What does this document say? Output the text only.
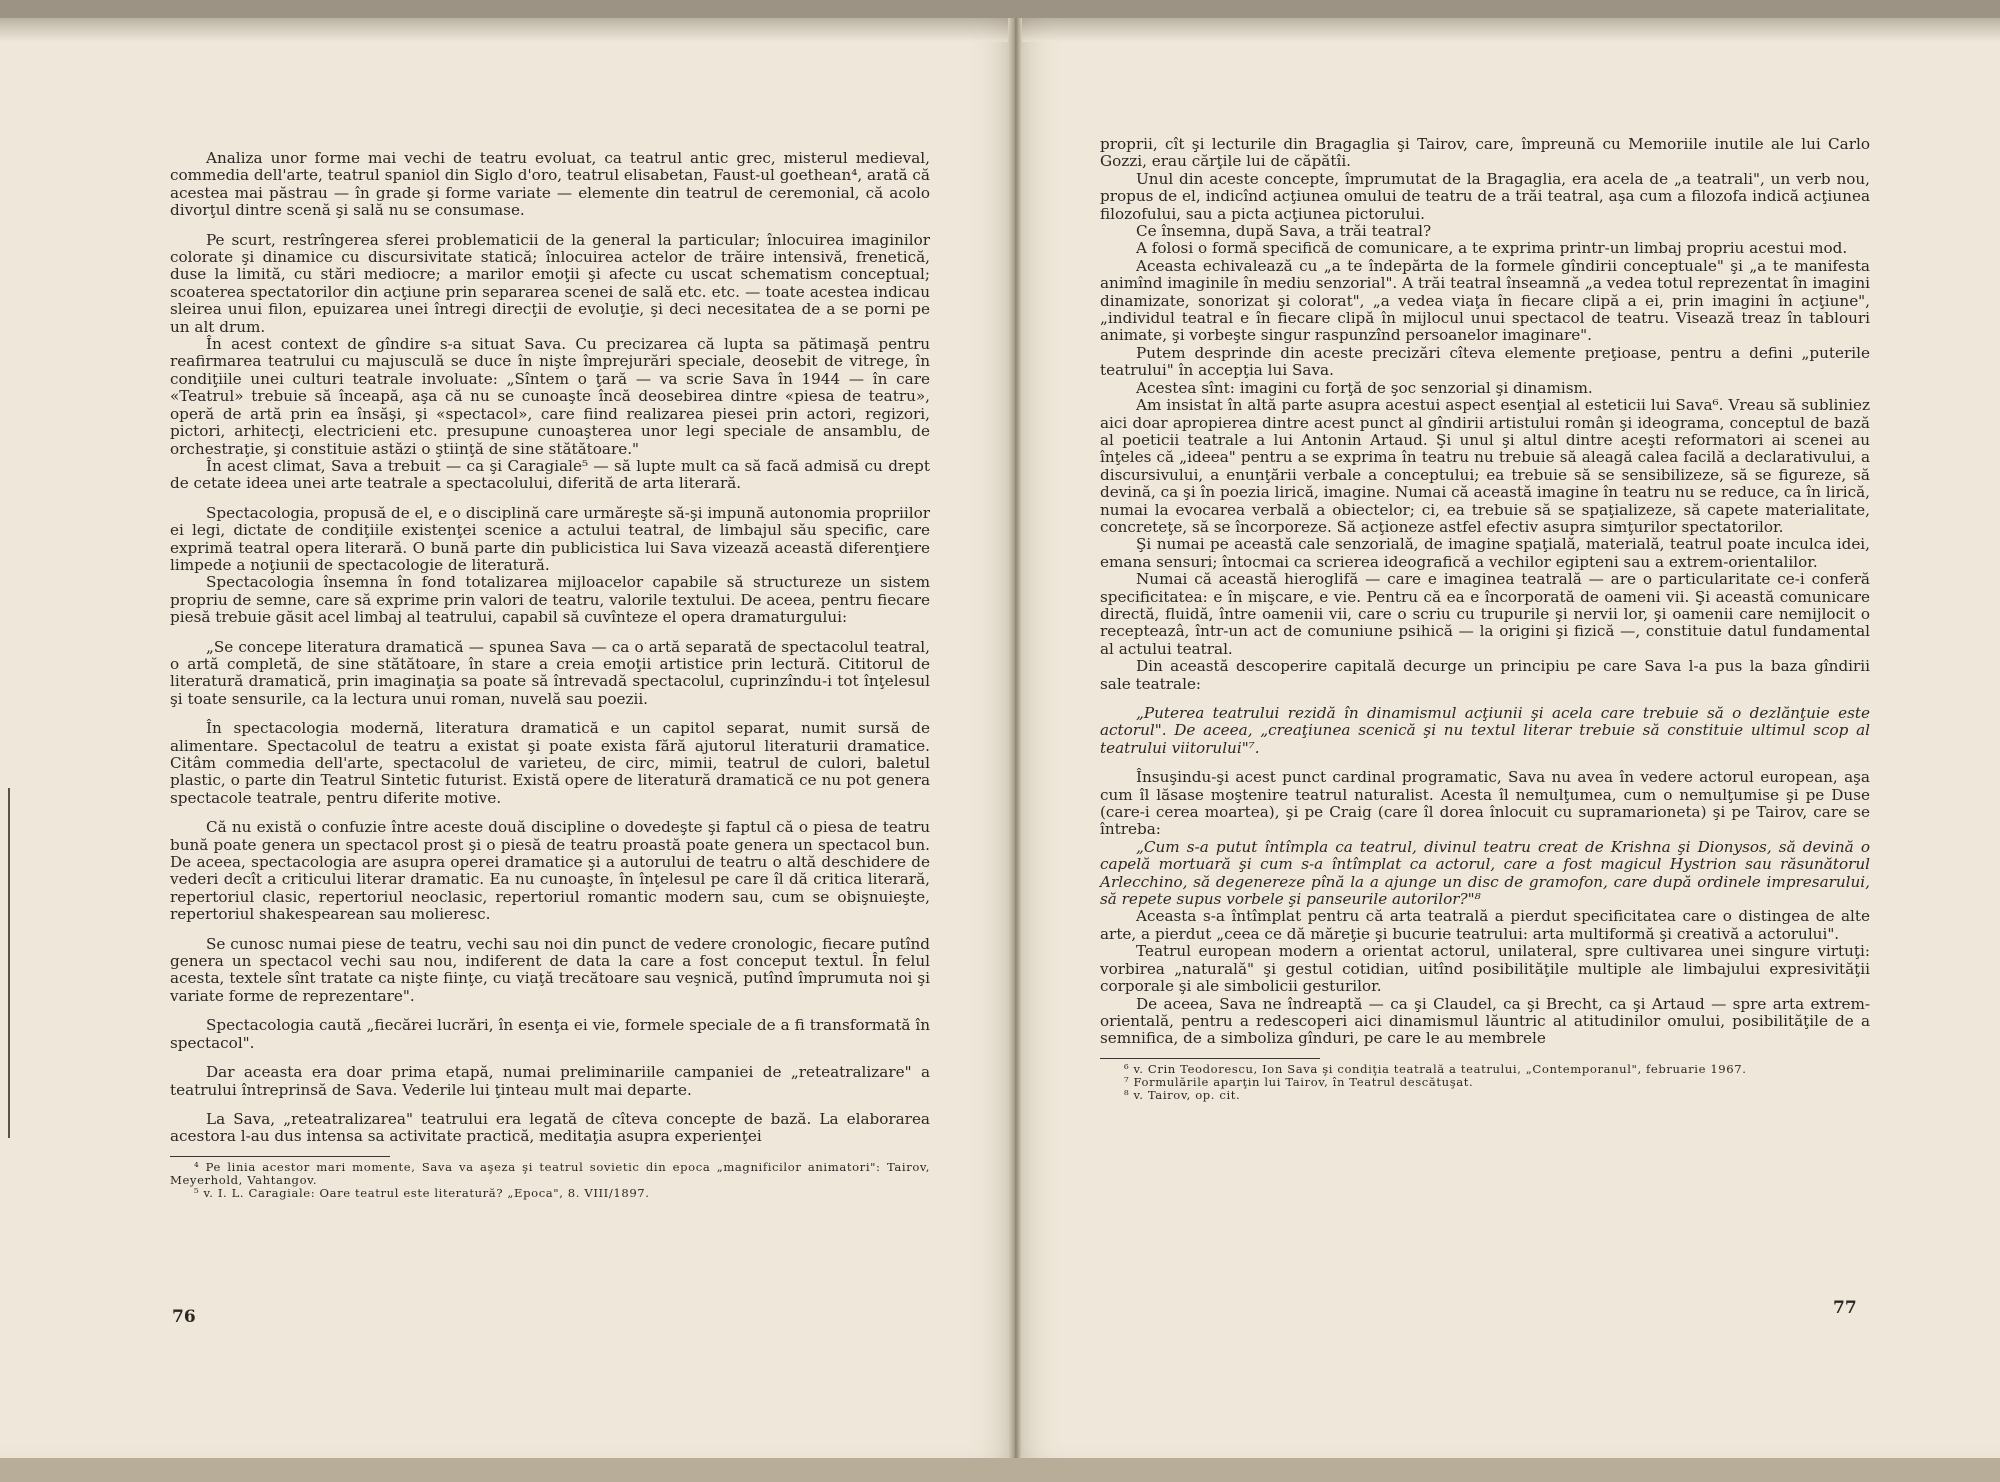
Analiza unor forme mai vechi de teatru evoluat, ca teatrul antic grec, misterul medieval, commedia dell'arte, teatrul spaniol din Siglo d'oro, teatrul elisabetan, Faust-ul goethean⁴, arată că acestea mai păstrau — în grade şi forme variate — elemente din teatrul de ceremonial, că acolo divorţul dintre scenă şi sală nu se consumase.

Pe scurt, restrîngerea sferei problematicii de la general la particular; înlocuirea imaginilor colorate şi dinamice cu discursivitate statică; înlocuirea actelor de trăire intensivă, frenetică, duse la limită, cu stări mediocre; a marilor emoţii şi afecte cu uscat schematism conceptual; scoaterea spectatorilor din acţiune prin separarea scenei de sală etc. etc. — toate acestea indicau sleirea unui filon, epuizarea unei întregi direcţii de evoluţie, şi deci necesitatea de a se porni pe un alt drum.

În acest context de gîndire s-a situat Sava. Cu precizarea că lupta sa pătimaşă pentru reafirmarea teatrului cu majusculă se duce în nişte împrejurări speciale, deosebit de vitrege, în condiţiile unei culturi teatrale involuate: „Sîntem o ţară — va scrie Sava în 1944 — în care «Teatrul» trebuie să înceapă, aşa că nu se cunoaşte încă deosebirea dintre «piesa de teatru», operă de artă prin ea însăşi, şi «spectacol», care fiind realizarea piesei prin actori, regizori, pictori, arhitecţi, electricieni etc. presupune cunoaşterea unor legi speciale de ansamblu, de orchestraţie, şi constituie astăzi o ştiinţă de sine stătătoare."

În acest climat, Sava a trebuit — ca şi Caragiale⁵ — să lupte mult ca să facă admisă cu drept de cetate ideea unei arte teatrale a spectacolului, diferită de arta literară.

Spectacologia, propusă de el, e o disciplină care urmăreşte să-şi impună autonomia propriilor ei legi, dictate de condiţiile existenţei scenice a actului teatral, de limbajul său specific, care exprimă teatral opera literară. O bună parte din publicistica lui Sava vizează această diferenţiere limpede a noţiunii de spectacologie de literatură.

Spectacologia însemna în fond totalizarea mijloacelor capabile să structureze un sistem propriu de semne, care să exprime prin valori de teatru, valorile textului. De aceea, pentru fiecare piesă trebuie găsit acel limbaj al teatrului, capabil să cuvînteze el opera dramaturgului:

„Se concepe literatura dramatică — spunea Sava — ca o artă separată de spectacolul teatral, o artă completă, de sine stătătoare, în stare a creia emoţii artistice prin lectură. Cititorul de literatură dramatică, prin imaginaţia sa poate să întrevadă spectacolul, cuprinzîndu-i tot înţelesul şi toate sensurile, ca la lectura unui roman, nuvelă sau poezii.

În spectacologia modernă, literatura dramatică e un capitol separat, numit sursă de alimentare. Spectacolul de teatru a existat şi poate exista fără ajutorul literaturii dramatice. Citâm commedia dell'arte, spectacolul de varieteu, de circ, mimii, teatrul de culori, baletul plastic, o parte din Teatrul Sintetic futurist. Există opere de literatură dramatică ce nu pot genera spectacole teatrale, pentru diferite motive.

Că nu există o confuzie între aceste două discipline o dovedeşte şi faptul că o piesa de teatru bună poate genera un spectacol prost şi o piesă de teatru proastă poate genera un spectacol bun. De aceea, spectacologia are asupra operei dramatice şi a autorului de teatru o altă deschidere de vederi decît a criticului literar dramatic. Ea nu cunoaşte, în înţelesul pe care îl dă critica literară, repertoriul clasic, repertoriul neoclasic, repertoriul romantic modern sau, cum se obişnuieşte, repertoriul shakespearean sau molieresc.

Se cunosc numai piese de teatru, vechi sau noi din punct de vedere cronologic, fiecare putînd genera un spectacol vechi sau nou, indiferent de data la care a fost conceput textul. În felul acesta, textele sînt tratate ca nişte fiinţe, cu viaţă trecătoare sau veşnică, putînd împrumuta noi şi variate forme de reprezentare".

Spectacologia caută „fiecărei lucrări, în esenţa ei vie, formele speciale de a fi transformată în spectacol".

Dar aceasta era doar prima etapă, numai preliminariile campaniei de „reteatralizare" a teatrului întreprinsă de Sava. Vederile lui ţinteau mult mai departe.

La Sava, „reteatralizarea" teatrului era legată de cîteva concepte de bază. La elaborarea acestora l-au dus intensa sa activitate practică, meditaţia asupra experienţei

⁴ Pe linia acestor mari momente, Sava va aşeza şi teatrul sovietic din epoca „magnificilor animatori": Tairov, Meyerhold, Vahtangov.

⁵ v. I. L. Caragiale: Oare teatrul este literatură? „Epoca", 8. VIII/1897.

76

proprii, cît şi lecturile din Bragaglia şi Tairov, care, împreună cu Memoriile inutile ale lui Carlo Gozzi, erau cărţile lui de căpătîi.

Unul din aceste concepte, împrumutat de la Bragaglia, era acela de „a teatrali", un verb nou, propus de el, indicînd acţiunea omului de teatru de a trăi teatral, aşa cum a filozofa indică acţiunea filozofului, sau a picta acţiunea pictorului.

Ce însemna, după Sava, a trăi teatral?

A folosi o formă specifică de comunicare, a te exprima printr-un limbaj propriu acestui mod.

Aceasta echivalează cu „a te îndepărta de la formele gîndirii conceptuale" şi „a te manifesta animînd imaginile în mediu senzorial". A trăi teatral înseamnă „a vedea totul reprezentat în imagini dinamizate, sonorizat şi colorat", „a vedea viaţa în fiecare clipă a ei, prin imagini în acţiune", „individul teatral e în fiecare clipă în mijlocul unui spectacol de teatru. Visează treaz în tablouri animate, şi vorbeşte singur raspunzînd persoanelor imaginare".

Putem desprinde din aceste precizări cîteva elemente preţioase, pentru a defini „puterile teatrului" în accepţia lui Sava.

Acestea sînt: imagini cu forţă de şoc senzorial şi dinamism.

Am insistat în altă parte asupra acestui aspect esenţial al esteticii lui Sava⁶. Vreau să subliniez aici doar apropierea dintre acest punct al gîndirii artistului român şi ideograma, conceptul de bază al poeticii teatrale a lui Antonin Artaud. Şi unul şi altul dintre aceşti reformatori ai scenei au înţeles că „ideea" pentru a se exprima în teatru nu trebuie să aleagă calea facilă a declarativului, a discursivului, a enunţării verbale a conceptului; ea trebuie să se sensibilizeze, să se figureze, să devină, ca şi în poezia lirică, imagine. Numai că această imagine în teatru nu se reduce, ca în lirică, numai la evocarea verbală a obiectelor; ci, ea trebuie să se spaţializeze, să capete materialitate, concreteţe, să se încorporeze. Să acţioneze astfel efectiv asupra simţurilor spectatorilor.

Şi numai pe această cale senzorială, de imagine spaţială, materială, teatrul poate inculca idei, emana sensuri; întocmai ca scrierea ideografică a vechilor egipteni sau a extrem-orientalilor.

Numai că această hieroglifă — care e imaginea teatrală — are o particularitate ce-i conferă specificitatea: e în mişcare, e vie. Pentru că ea e încorporată de oameni vii. Şi această comunicare directă, fluidă, între oamenii vii, care o scriu cu trupurile şi nervii lor, şi oamenii care nemijlocit o recepteazâ, într-un act de comuniune psihică — la origini şi fizică —, constituie datul fundamental al actului teatral.

Din această descoperire capitală decurge un principiu pe care Sava l-a pus la baza gîndirii sale teatrale:

„Puterea teatrului rezidă în dinamismul acţiunii şi acela care trebuie să o dezlănţuie este actorul". De aceea, „creaţiunea scenică şi nu textul literar trebuie să constituie ultimul scop al teatrului viitorului"⁷.

Însuşindu-şi acest punct cardinal programatic, Sava nu avea în vedere actorul european, aşa cum îl lăsase moştenire teatrul naturalist. Acesta îl nemulţumea, cum o nemulţumise şi pe Duse (care-i cerea moartea), şi pe Craig (care îl dorea înlocuit cu supramarioneta) şi pe Tairov, care se întreba:

„Cum s-a putut întîmpla ca teatrul, divinul teatru creat de Krishna şi Dionysos, să devină o capelă mortuară şi cum s-a întîmplat ca actorul, care a fost magicul Hystrion sau răsunătorul Arlecchino, să degenereze pînă la a ajunge un disc de gramofon, care după ordinele impresarului, să repete supus vorbele şi panseurile autorilor?"⁸

Aceasta s-a întîmplat pentru că arta teatrală a pierdut specificitatea care o distingea de alte arte, a pierdut „ceea ce dă măreţie şi bucurie teatrului: arta multiformă şi creativă a actorului".

Teatrul european modern a orientat actorul, unilateral, spre cultivarea unei singure virtuţi: vorbirea „naturală" şi gestul cotidian, uitînd posibilităţile multiple ale limbajului expresivităţii corporale şi ale simbolicii gesturilor.

De aceea, Sava ne îndreaptă — ca şi Claudel, ca şi Brecht, ca şi Artaud — spre arta extrem-orientală, pentru a redescoperi aici dinamismul lăuntric al atitudinilor omului, posibilităţile de a semnifica, de a simboliza gînduri, pe care le au membrele

⁶ v. Crin Teodorescu, Ion Sava şi condiţia teatrală a teatrului, „Contemporanul", februarie 1967.

⁷ Formulările aparţin lui Tairov, în Teatrul descătuşat.

⁸ v. Tairov, op. cit.

77
